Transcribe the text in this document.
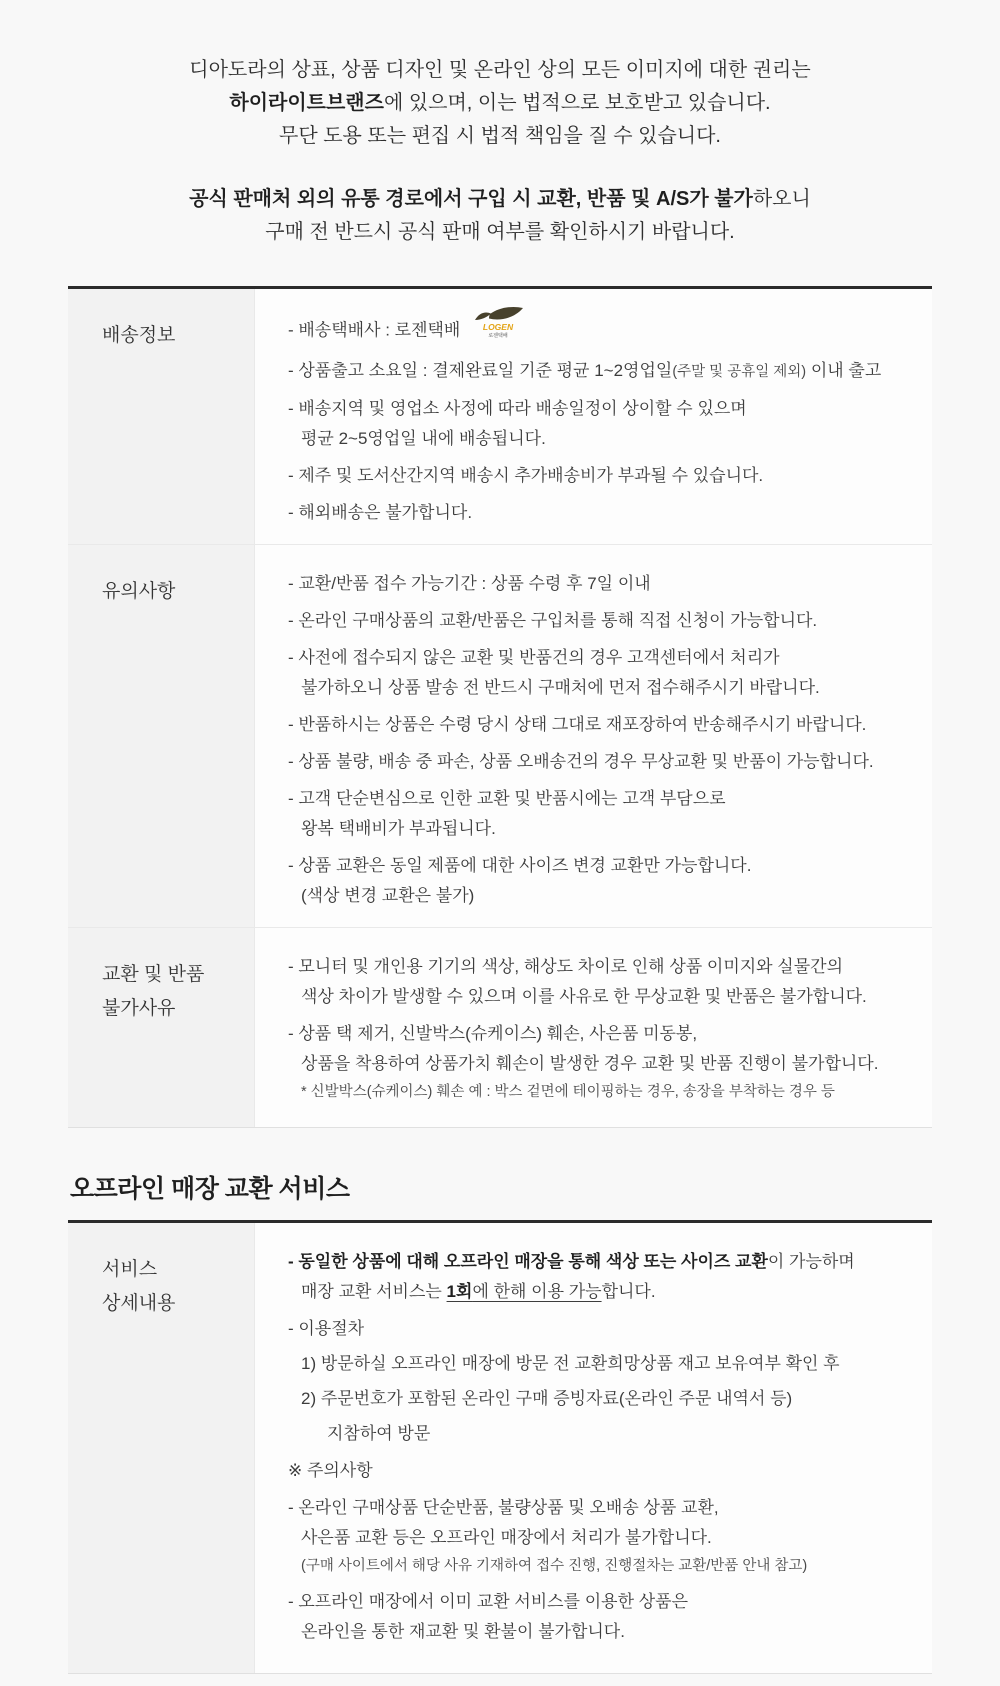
디아도라의 상표, 상품 디자인 및 온라인 상의 모든 이미지에 대한 권리는
하이라이트브랜즈에 있으며, 이는 법적으로 보호받고 있습니다.
무단 도용 또는 편집 시 법적 책임을 질 수 있습니다.
공식 판매처 외의 유통 경로에서 구입 시 교환, 반품 및 A/S가 불가하오니
구매 전 반드시 공식 판매 여부를 확인하시기 바랍니다.
배송정보	- 배송택배사 : 로젠택배	LOGEN
로젠택배
- 상품출고 소요일 : 결제완료일 기준 평균 1~2영업일(주말 및 공휴일 제외) 이내 출고
- 배송지역 및 영업소 사정에 따라 배송일정이 상이할 수 있으며
평균 2~5영업일 내에 배송됩니다.
- 제주 및 도서산간지역 배송시 추가배송비가 부과될 수 있습니다.
- 해외배송은 불가합니다.
유의사항	- 교환/반품 접수 가능기간 : 상품 수령 후 7일 이내
- 온라인 구매상품의 교환/반품은 구입처를 통해 직접 신청이 가능합니다.
- 사전에 접수되지 않은 교환 및 반품건의 경우 고객센터에서 처리가
불가하오니 상품 발송 전 반드시 구매처에 먼저 접수해주시기 바랍니다.
- 반품하시는 상품은 수령 당시 상태 그대로 재포장하여 반송해주시기 바랍니다.
- 상품 불량, 배송 중 파손, 상품 오배송건의 경우 무상교환 및 반품이 가능합니다.
- 고객 단순변심으로 인한 교환 및 반품시에는 고객 부담으로
왕복 택배비가 부과됩니다.
- 상품 교환은 동일 제품에 대한 사이즈 변경 교환만 가능합니다.
(색상 변경 교환은 불가)
교환 및 반품
불가사유
- 모니터 및 개인용 기기의 색상, 해상도 차이로 인해 상품 이미지와 실물간의
색상 차이가 발생할 수 있으며 이를 사유로 한 무상교환 및 반품은 불가합니다.
- 상품 택 제거, 신발박스(슈케이스) 훼손, 사은품 미동봉,
상품을 착용하여 상품가치 훼손이 발생한 경우 교환 및 반품 진행이 불가합니다.
* 신발박스(슈케이스) 훼손 예 : 박스 겉면에 테이핑하는 경우, 송장을 부착하는 경우 등
오프라인 매장 교환 서비스
서비스
상세내용
- 동일한 상품에 대해 오프라인 매장을 통해 색상 또는 사이즈 교환이 가능하며
매장 교환 서비스는 1회에 한해 이용 가능합니다.
- 이용절차
1) 방문하실 오프라인 매장에 방문 전 교환희망상품 재고 보유여부 확인 후
2) 주문번호가 포함된 온라인 구매 증빙자료(온라인 주문 내역서 등)
지참하여 방문
※ 주의사항
- 온라인 구매상품 단순반품, 불량상품 및 오배송 상품 교환,
사은품 교환 등은 오프라인 매장에서 처리가 불가합니다.
(구매 사이트에서 해당 사유 기재하여 접수 진행, 진행절차는 교환/반품 안내 참고)
- 오프라인 매장에서 이미 교환 서비스를 이용한 상품은
온라인을 통한 재교환 및 환불이 불가합니다.
